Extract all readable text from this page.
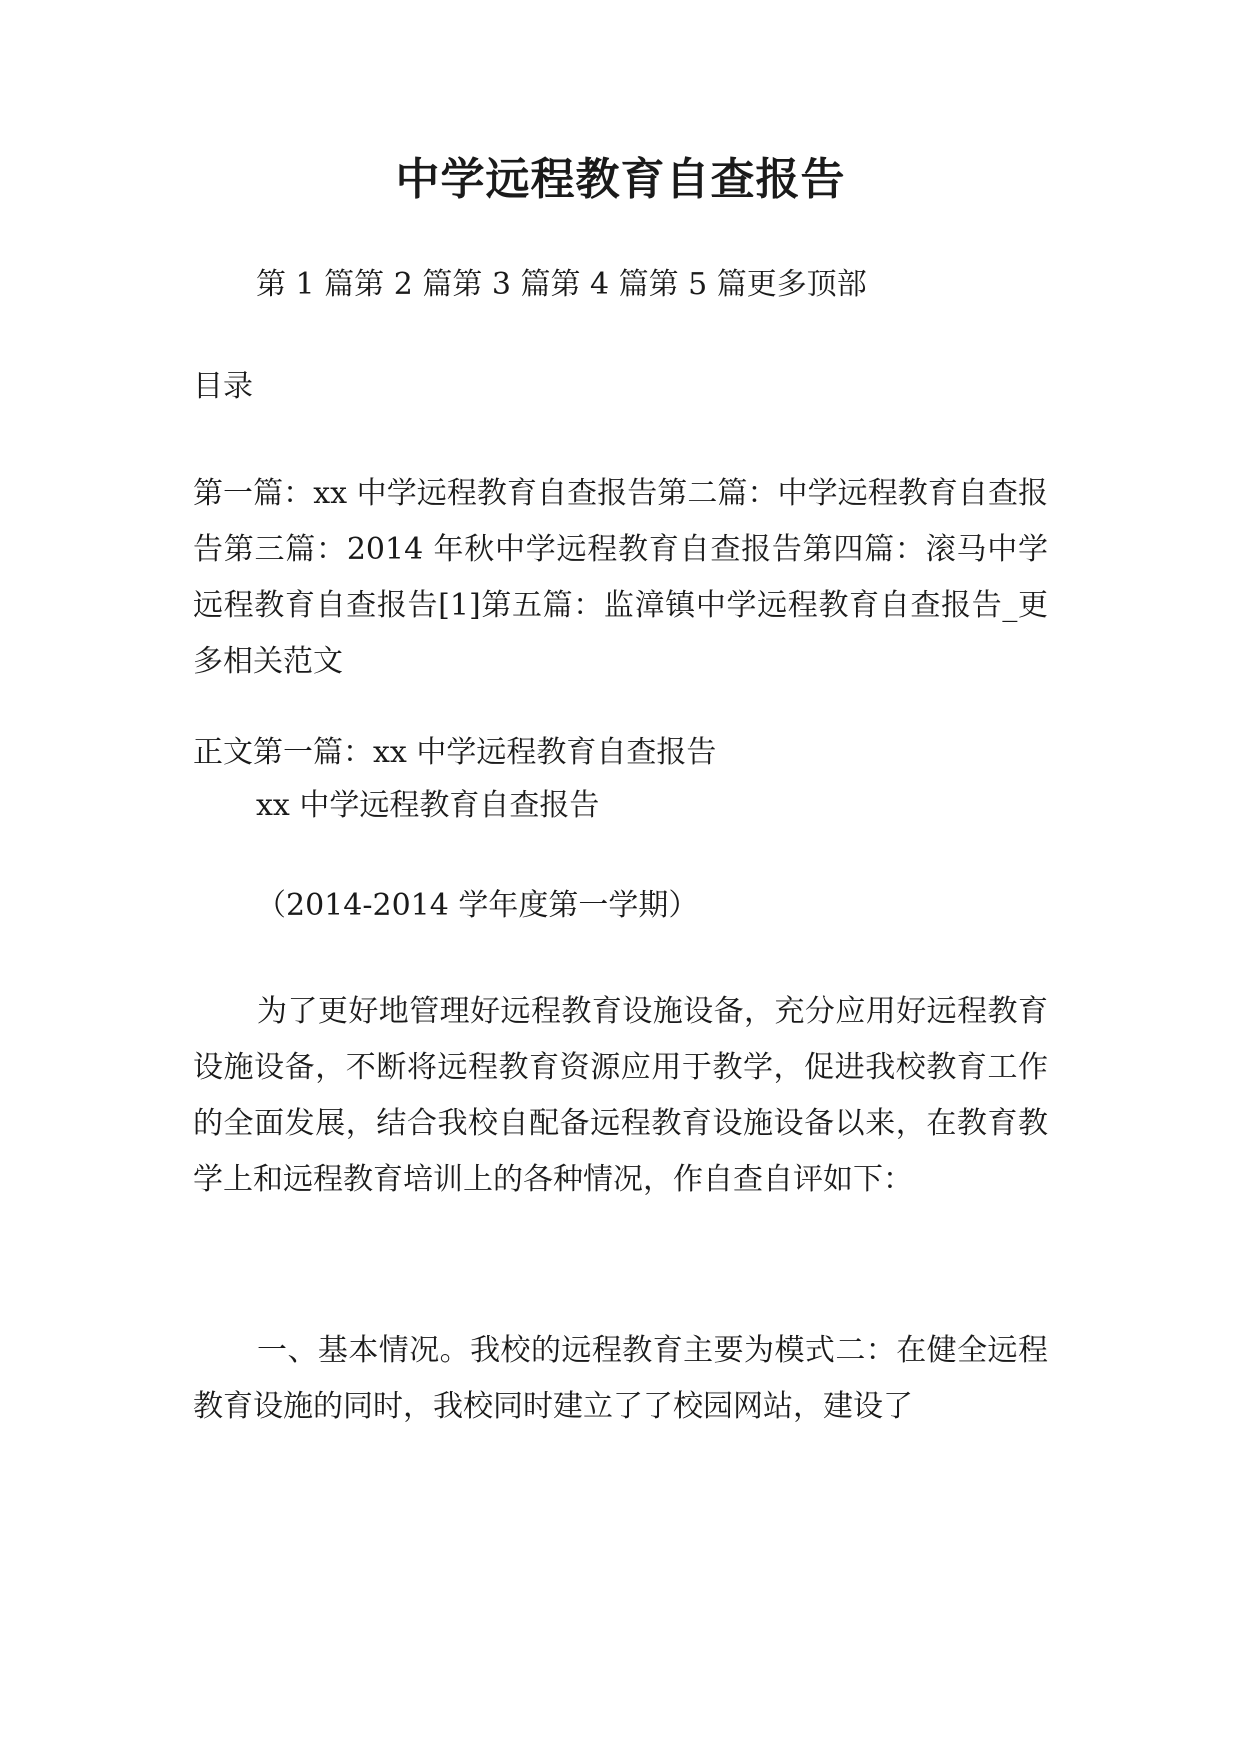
中学远程教育自查报告
第 1 篇第 2 篇第 3 篇第 4 篇第 5 篇更多顶部
目录
第一篇：xx 中学远程教育自查报告第二篇：中学远程教育自查报告第三篇：2014 年秋中学远程教育自查报告第四篇：滚马中学远程教育自查报告[1]第五篇：监漳镇中学远程教育自查报告_更多相关范文
正文第一篇：xx 中学远程教育自查报告
xx 中学远程教育自查报告
（2014-2014 学年度第一学期）
为了更好地管理好远程教育设施设备，充分应用好远程教育设施设备，不断将远程教育资源应用于教学，促进我校教育工作的全面发展，结合我校自配备远程教育设施设备以来，在教育教学上和远程教育培训上的各种情况，作自查自评如下：
一、基本情况。我校的远程教育主要为模式二：在健全远程教育设施的同时，我校同时建立了了校园网站，建设了
